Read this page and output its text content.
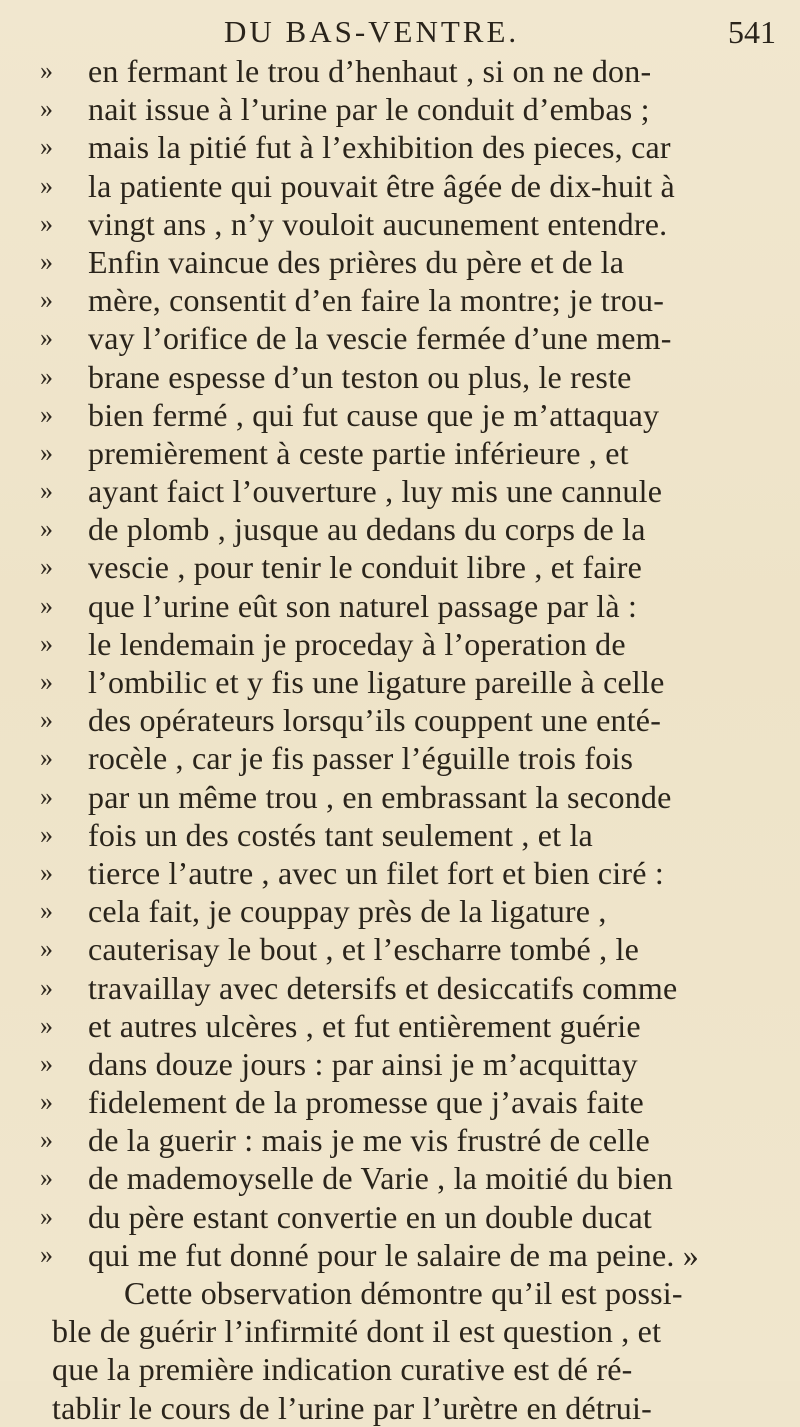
DU BAS-VENTRE.	541
»	en fermant le trou d’henhaut , si on ne don-
»	nait issue à l’urine par le conduit d’embas ;
»	mais la pitié fut à l’exhibition des pieces, car
»	la patiente qui pouvait être âgée de dix-huit à
»	vingt ans , n’y vouloit aucunement entendre.
»	Enfin vaincue des prières du père et de la
»	mère, consentit d’en faire la montre; je trou-
»	vay l’orifice de la vescie fermée d’une mem-
»	brane espesse d’un teston ou plus, le reste
»	bien fermé , qui fut cause que je m’attaquay
»	premièrement à ceste partie inférieure , et
»	ayant faict l’ouverture , luy mis une cannule
»	de plomb , jusque au dedans du corps de la
»	vescie , pour tenir le conduit libre , et faire
»	que l’urine eût son naturel passage par là :
»	le lendemain je proceday à l’operation de
»	l’ombilic et y fis une ligature pareille à celle
»	des opérateurs lorsqu’ils couppent une enté-
»	rocèle , car je fis passer l’éguille trois fois
»	par un même trou , en embrassant la seconde
»	fois un des costés tant seulement , et la
»	tierce l’autre , avec un filet fort et bien ciré :
»	cela fait, je couppay près de la ligature ,
»	cauterisay le bout , et l’escharre tombé , le
»	travaillay avec detersifs et desiccatifs comme
»	et autres ulcères , et fut entièrement guérie
»	dans douze jours : par ainsi je m’acquittay
»	fidelement de la promesse que j’avais faite
»	de la guerir : mais je me vis frustré de celle
»	de mademoyselle de Varie , la moitié du bien
»	du père estant convertie en un double ducat
»	qui me fut donné pour le salaire de ma peine. »
Cette observation démontre qu’il est possi-
ble de guérir l’infirmité dont il est question , et
que la première indication curative est dé ré-
tablir le cours de l’urine par l’urètre en détrui-
